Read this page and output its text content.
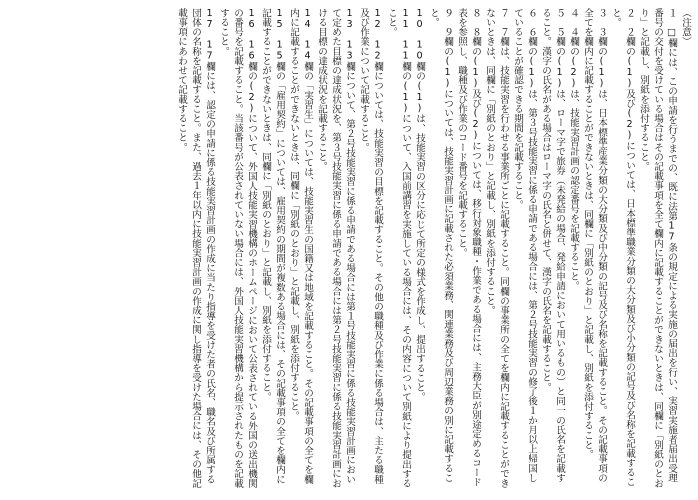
（注意）

１　□欄には、この申請を行うまでの、既に法第17条の規定による実施の届出を行い、実習実施者届出受理番号の交付を受けている場合はその記載事項を全て欄内に記載することができないときは、同欄に「別紙のとおり」と記載し、別紙を添付すること。

２　２欄の(1)及び(2)については、日本標準職業分類の大分類及び小分類の記号及び名称を記載すること。

３　３欄の(1)は、日本標準産業分類の大分類及び中分類の記号及び名称を記載すること。その記載事項の全てを欄内に記載することができないときは、同欄に「別紙のとおり」と記載し、別紙を添付すること。

４　４欄の(2)は、技能実習計画の認定番号を記載すること。

５　５欄の(1)は、ローマ字で旅券（未発給の場合、発給申請において用いるもの）と同一の氏名を記載すること。漢字の氏名がある場合はローマ字の氏名と併せて、漢字の氏名を記載すること。

６　６欄の(1)は、第３号技能実習に係る申請である場合には、第２号技能実習の修了後１か月以上帰国していることが確認できる期間を記載すること。

７　７欄は、技能実習を行わせる事業所ごとに記載すること。同欄の事業所の全てを欄内に記載することができないときは、同欄に「別紙のとおり」と記載し、別紙を添付すること。

８　８欄の(1)及び(2)については、移行対象職種・作業である場合には、主務大臣が別途定めるコード表を参照し、職種及び作業のコード番号を記載すること。

９　９欄の(1)については、技能実習計画に記載された必須業務、関連業務及び周辺業務の別に記載すること。

10　10欄の(1)は、技能実習の区分に応じて所定の様式を作成し、提出すること。

11　11欄の(1)について、入国前講習を実施している場合には、その内容について別紙により提出すること。

12　12欄については、技能実習の目標を記載すること。その他の職種及び作業に係る場合は、主たる職種及び作業について記載すること。

13　13欄について、第２号技能実習に係る申請である場合には第１号技能実習に係る技能実習計画において定めた目標の達成状況を、第３号技能実習に係る申請である場合には第２号技能実習に係る技能実習計画における目標の達成状況を記載すること。

14　14欄の「実習生」については、技能実習生の国籍又は地域を記載すること。その記載事項の全てを欄内に記載することができないときは、同欄に「別紙のとおり」と記載し、別紙を添付すること。

15　15欄の「雇用契約」については、雇用契約の期間が複数ある場合には、その記載事項の全てを欄内に記載することができないときは、同欄に「別紙のとおり」と記載し、別紙を添付すること。

16　16欄の(2)について、外国人技能実習機構のホームページにおいて公表されている外国の送出機関の番号を記載すること。当該番号が公表されていない場合には、外国人技能実習機構から提示されたものを記載すること。

17　17欄には、認定の申請に係る技能実習計画の作成に当たり指導を受けた者の氏名、職名及び所属する団体の名称を記載すること。また、過去１年以内に技能実習計画の作成に関し指導を受けた場合には、その他記載事項にあわせて記載すること。
